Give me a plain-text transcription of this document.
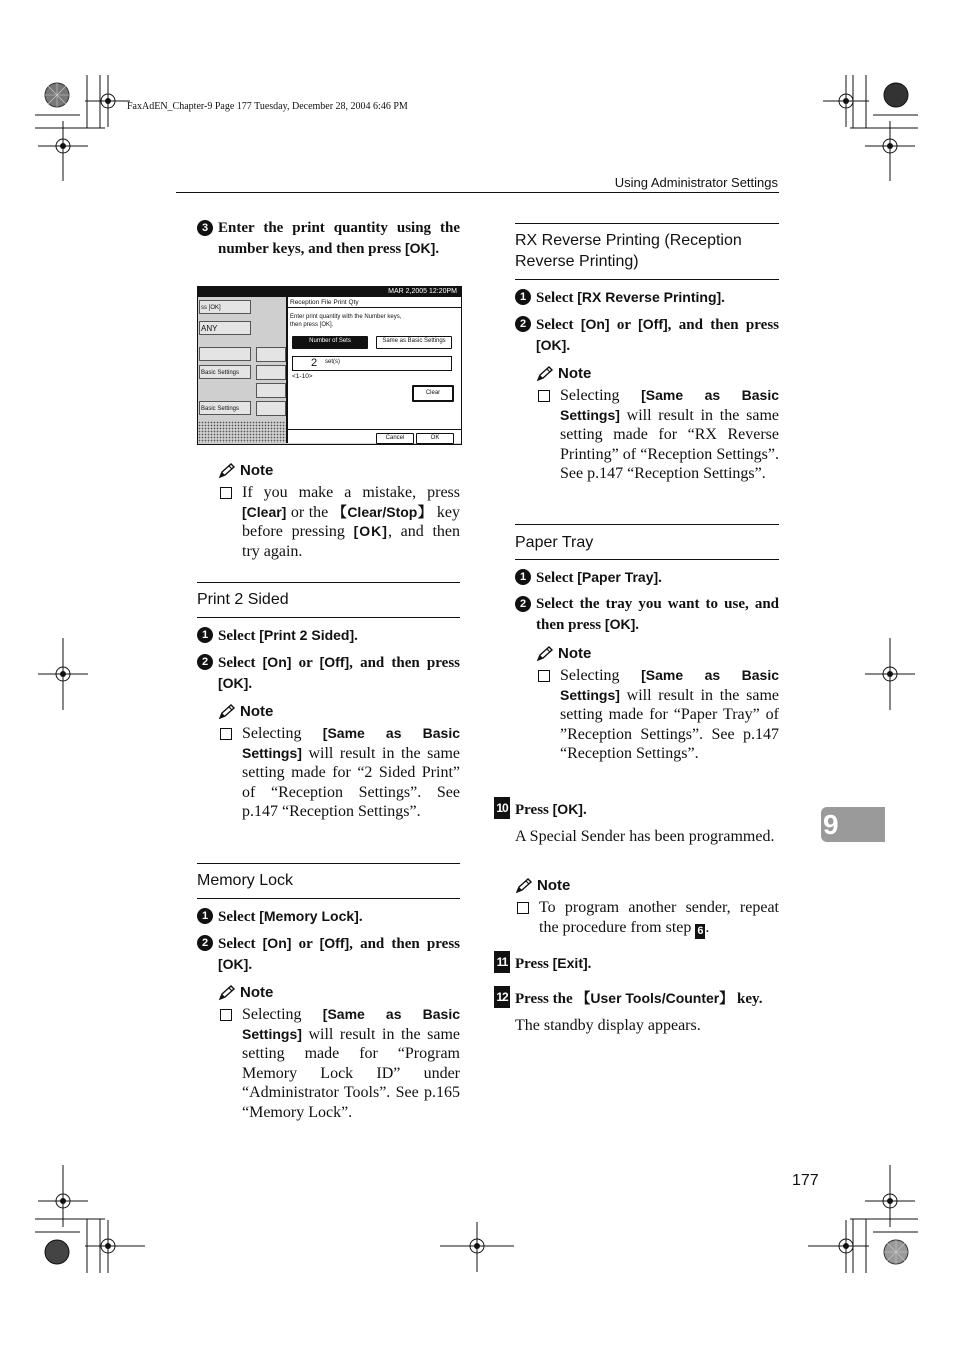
FaxAdEN_Chapter-9 Page 177 Tuesday, December 28, 2004 6:46 PM
Using Administrator Settings
9
177
3 Enter the print quantity using the number keys, and then press [OK].
MAR 2,2005 12:20PM
ss [OK]
ANY
Basic Settings
Basic Settings
Reception File Print Qty
Enter print quantity with the Number keys,
then press [OK].
Number of Sets	Same as Basic Settings
2 set(s)
<1-10>
Clear
Cancel	OK
Note
If you make a mistake, press [Clear] or the 【Clear/Stop】 key before pressing [OK], and then try again.
Print 2 Sided
1 Select [Print 2 Sided].
2 Select [On] or [Off], and then press [OK].
Note
Selecting [Same as Basic Settings] will result in the same setting made for “2 Sided Print” of “Reception Settings”. See p.147 “Reception Settings”.
Memory Lock
1 Select [Memory Lock].
2 Select [On] or [Off], and then press [OK].
Note
Selecting [Same as Basic Settings] will result in the same setting made for “Program Memory Lock ID” under “Administrator Tools”. See p.165 “Memory Lock”.
RX Reverse Printing (Reception Reverse Printing)
1 Select [RX Reverse Printing].
2 Select [On] or [Off], and then press [OK].
Note
Selecting [Same as Basic Settings] will result in the same setting made for “RX Reverse Printing” of “Reception Settings”. See p.147 “Reception Settings”.
Paper Tray
1 Select [Paper Tray].
2 Select the tray you want to use, and then press [OK].
Note
Selecting [Same as Basic Settings] will result in the same setting made for “Paper Tray” of ”Reception Settings”. See p.147 “Reception Settings”.
10 Press [OK].
A Special Sender has been programmed.
Note
To program another sender, repeat the procedure from step 6 .
11 Press [Exit].
12 Press the 【User Tools/Counter】 key.
The standby display appears.
